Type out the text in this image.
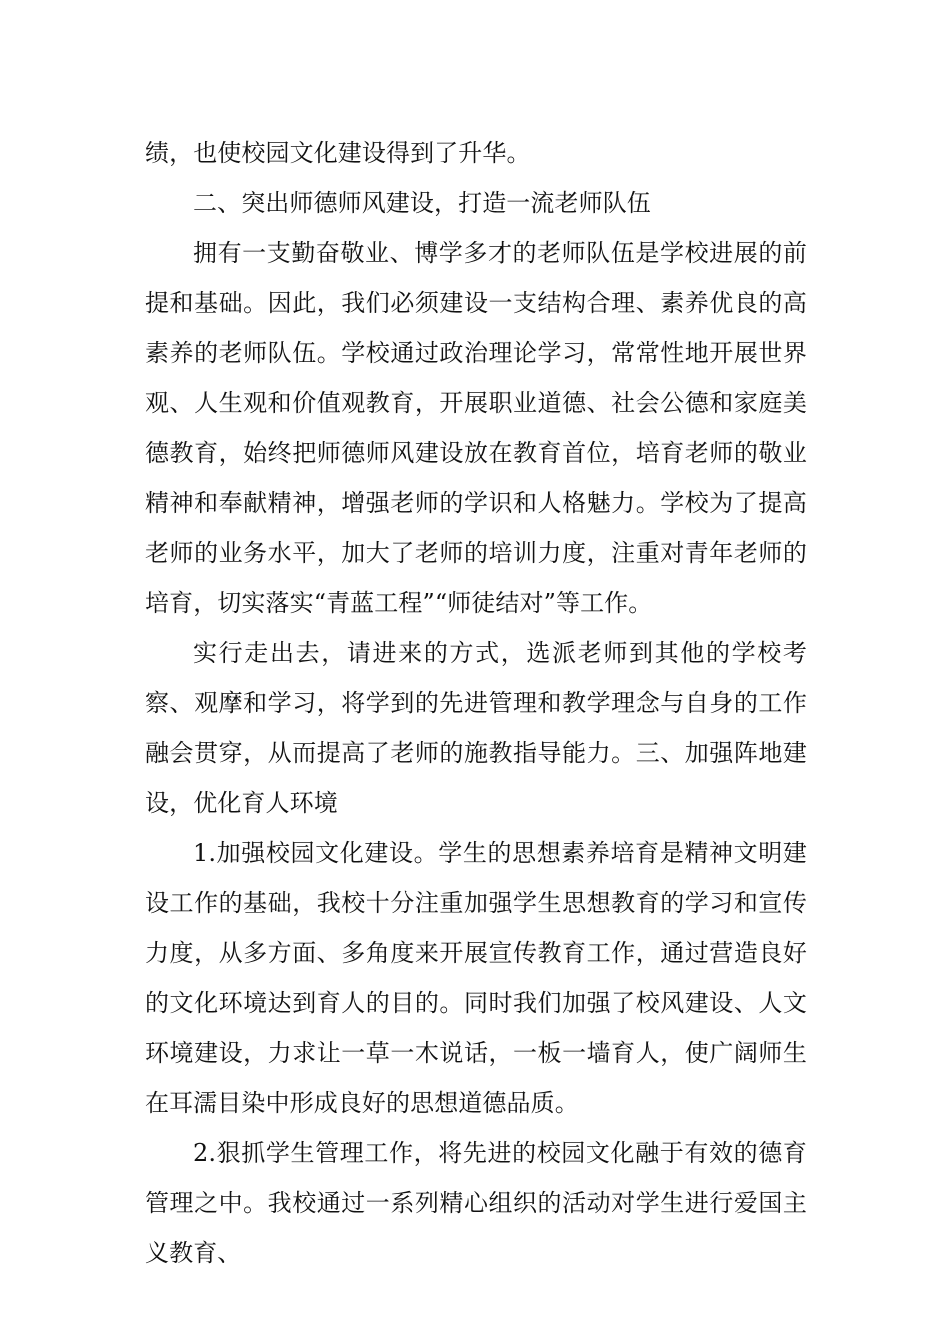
绩，也使校园文化建设得到了升华。

二、突出师德师风建设，打造一流老师队伍

拥有一支勤奋敬业、博学多才的老师队伍是学校进展的前提和基础。因此，我们必须建设一支结构合理、素养优良的高素养的老师队伍。学校通过政治理论学习，常常性地开展世界观、人生观和价值观教育，开展职业道德、社会公德和家庭美德教育，始终把师德师风建设放在教育首位，培育老师的敬业精神和奉献精神，增强老师的学识和人格魅力。学校为了提高老师的业务水平，加大了老师的培训力度，注重对青年老师的培育，切实落实“青蓝工程”“师徒结对”等工作。

实行走出去，请进来的方式，选派老师到其他的学校考察、观摩和学习，将学到的先进管理和教学理念与自身的工作融会贯穿，从而提高了老师的施教指导能力。三、加强阵地建设，优化育人环境

1.加强校园文化建设。学生的思想素养培育是精神文明建设工作的基础，我校十分注重加强学生思想教育的学习和宣传力度，从多方面、多角度来开展宣传教育工作，通过营造良好的文化环境达到育人的目的。同时我们加强了校风建设、人文环境建设，力求让一草一木说话，一板一墙育人，使广阔师生在耳濡目染中形成良好的思想道德品质。

2.狠抓学生管理工作，将先进的校园文化融于有效的德育管理之中。我校通过一系列精心组织的活动对学生进行爱国主义教育、
